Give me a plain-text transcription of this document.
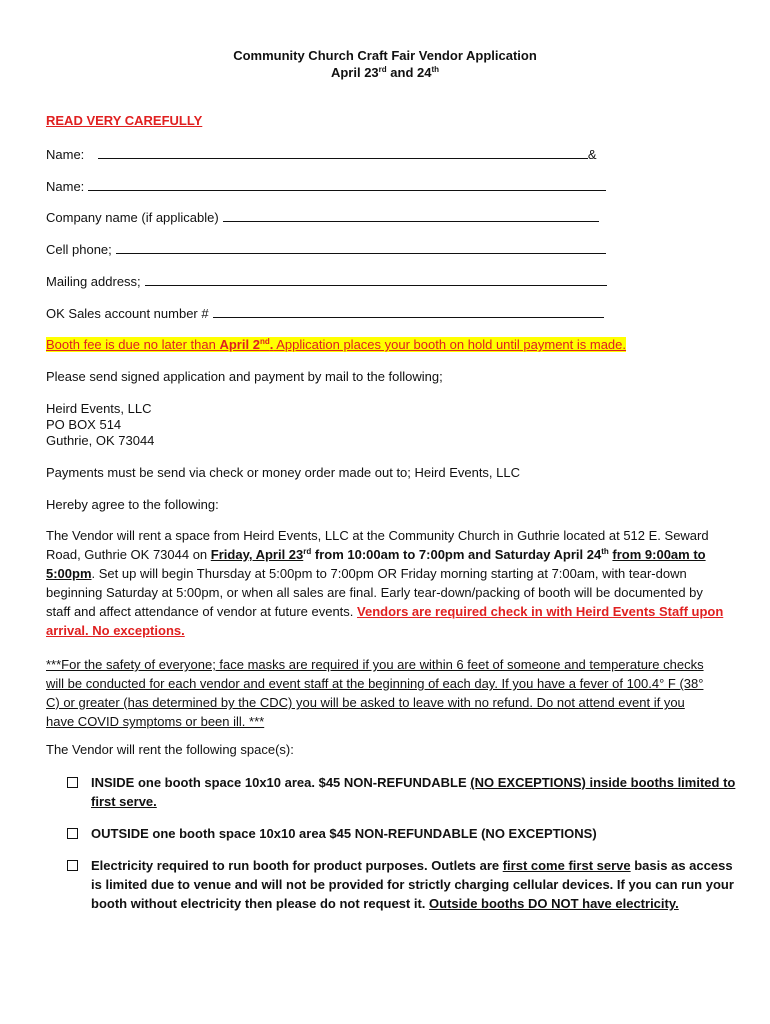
Community Church Craft Fair Vendor Application
April 23rd and 24th
READ VERY CAREFULLY
Name:	&
Name:
Company name (if applicable)
Cell phone;
Mailing address;
OK Sales account number #
Booth fee is due no later than April 2nd. Application places your booth on hold until payment is made.
Please send signed application and payment by mail to the following;
Heird Events, LLC
PO BOX 514
Guthrie, OK 73044
Payments must be send via check or money order made out to; Heird Events, LLC
Hereby agree to the following:
The Vendor will rent a space from Heird Events, LLC at the Community Church in Guthrie located at 512 E. Seward Road, Guthrie OK 73044 on Friday, April 23rd from 10:00am to 7:00pm and Saturday April 24th from 9:00am to 5:00pm. Set up will begin Thursday at 5:00pm to 7:00pm OR Friday morning starting at 7:00am, with tear-down beginning Saturday at 5:00pm, or when all sales are final. Early tear-down/packing of booth will be documented by staff and affect attendance of vendor at future events. Vendors are required check in with Heird Events Staff upon arrival. No exceptions.
***For the safety of everyone; face masks are required if you are within 6 feet of someone and temperature checks will be conducted for each vendor and event staff at the beginning of each day. If you have a fever of 100.4° F (38° C) or greater (has determined by the CDC) you will be asked to leave with no refund. Do not attend event if you have COVID symptoms or been ill. ***
The Vendor will rent the following space(s):
INSIDE one booth space 10x10 area. $45 NON-REFUNDABLE (NO EXCEPTIONS) inside booths limited to first serve.
OUTSIDE one booth space 10x10 area $45 NON-REFUNDABLE (NO EXCEPTIONS)
Electricity required to run booth for product purposes. Outlets are first come first serve basis as access is limited due to venue and will not be provided for strictly charging cellular devices. If you can run your booth without electricity then please do not request it. Outside booths DO NOT have electricity.
